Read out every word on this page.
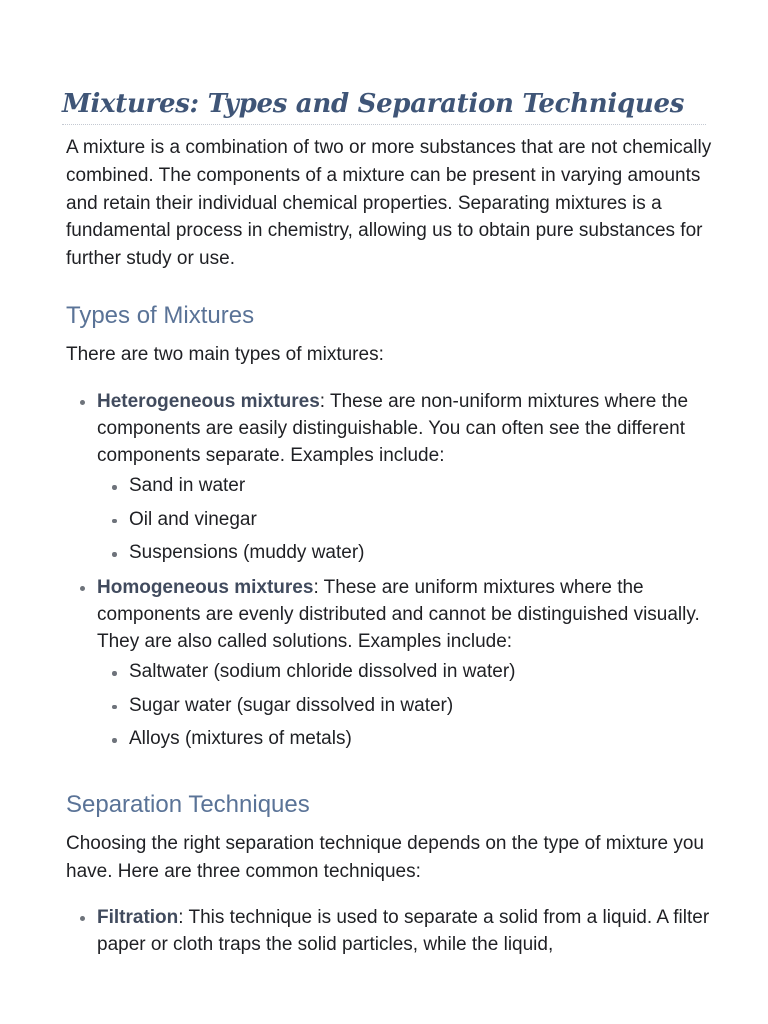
Mixtures: Types and Separation Techniques

A mixture is a combination of two or more substances that are not chemically combined. The components of a mixture can be present in varying amounts and retain their individual chemical properties. Separating mixtures is a fundamental process in chemistry, allowing us to obtain pure substances for further study or use.

Types of Mixtures

There are two main types of mixtures:

Heterogeneous mixtures: These are non-uniform mixtures where the components are easily distinguishable. You can often see the different components separate. Examples include:
Sand in water
Oil and vinegar
Suspensions (muddy water)
Homogeneous mixtures: These are uniform mixtures where the components are evenly distributed and cannot be distinguished visually. They are also called solutions. Examples include:
Saltwater (sodium chloride dissolved in water)
Sugar water (sugar dissolved in water)
Alloys (mixtures of metals)
Separation Techniques

Choosing the right separation technique depends on the type of mixture you have. Here are three common techniques:

Filtration: This technique is used to separate a solid from a liquid. A filter paper or cloth traps the solid particles, while the liquid,
